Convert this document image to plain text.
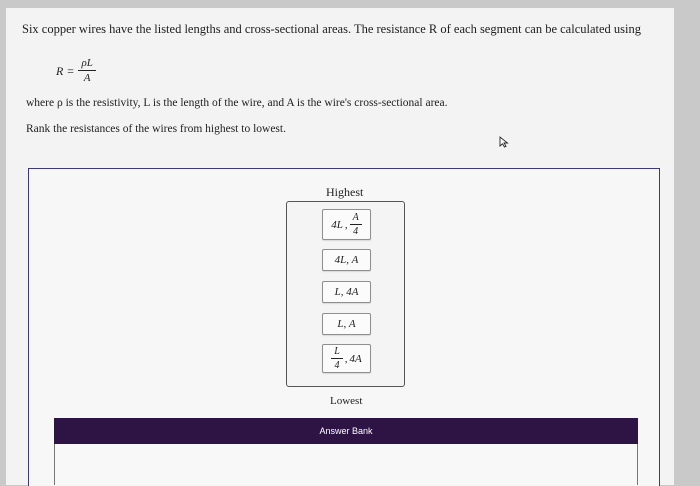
Six copper wires have the listed lengths and cross-sectional areas. The resistance R of each segment can be calculated using
$R = \frac{\rho L}{A}$
where ρ is the resistivity, L is the length of the wire, and A is the wire's cross-sectional area.
Rank the resistances of the wires from highest to lowest.
Highest
4L , $\frac{A}{4}$
4L, A
L, 4A
L, A
$\frac{L}{4}$ , 4A
Lowest
Answer Bank
